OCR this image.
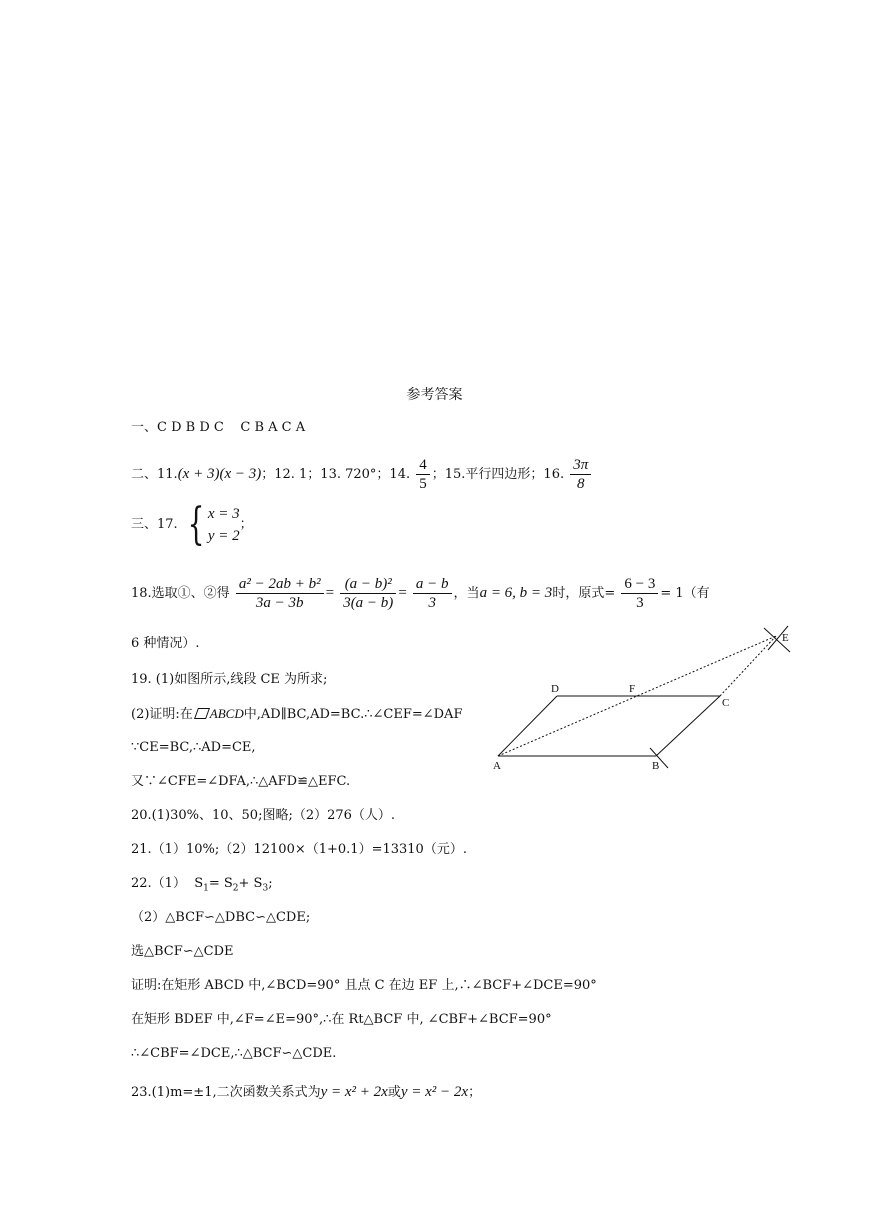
参考答案
一、C D B D C    C B A C A
二、11.(x + 3)(x − 3)；12. 1；13. 720°；14. $\frac{4}{5}$ ；15.平行四边形；16. $\frac{3\pi}{8}$
三、17. { x = 3
y = 2
；
18.选取①、②得 $\frac{\text{a² − 2ab + b²}}{3a - 3b} = \frac{\text{(a − b)²}}{3(a - b)} = \frac{a - b}{3}$ ，当a = 6, b = 3时，原式= $\frac{6 - 3}{3} = 1$（有
6 种情况）.
19. (1)如图所示,线段 CE 为所求;
(2)证明:在 ABCD中,AD∥BC,AD=BC.∴∠CEF=∠DAF
∵CE=BC,∴AD=CE,
又∵∠CFE=∠DFA,∴△AFD≌△EFC.
A	B
C
D
E
F
20.(1)30%、10、50;图略;（2）276（人）.
21.（1）10%;（2）12100×（1+0.1）=13310（元）.
22.（1）  $S_1= S_2+ S_3$;
（2）△BCF∽△DBC∽△CDE;
选△BCF∽△CDE
证明:在矩形 ABCD 中,∠BCD=90° 且点 C 在边 EF 上,∴∠BCF+∠DCE=90°
在矩形 BDEF 中,∠F=∠E=90°,∴在 Rt△BCF 中, ∠CBF+∠BCF=90°
∴∠CBF=∠DCE,∴△BCF∽△CDE.
23.(1)m=±1,二次函数关系式为y = x² + 2x或y = x² − 2x；
